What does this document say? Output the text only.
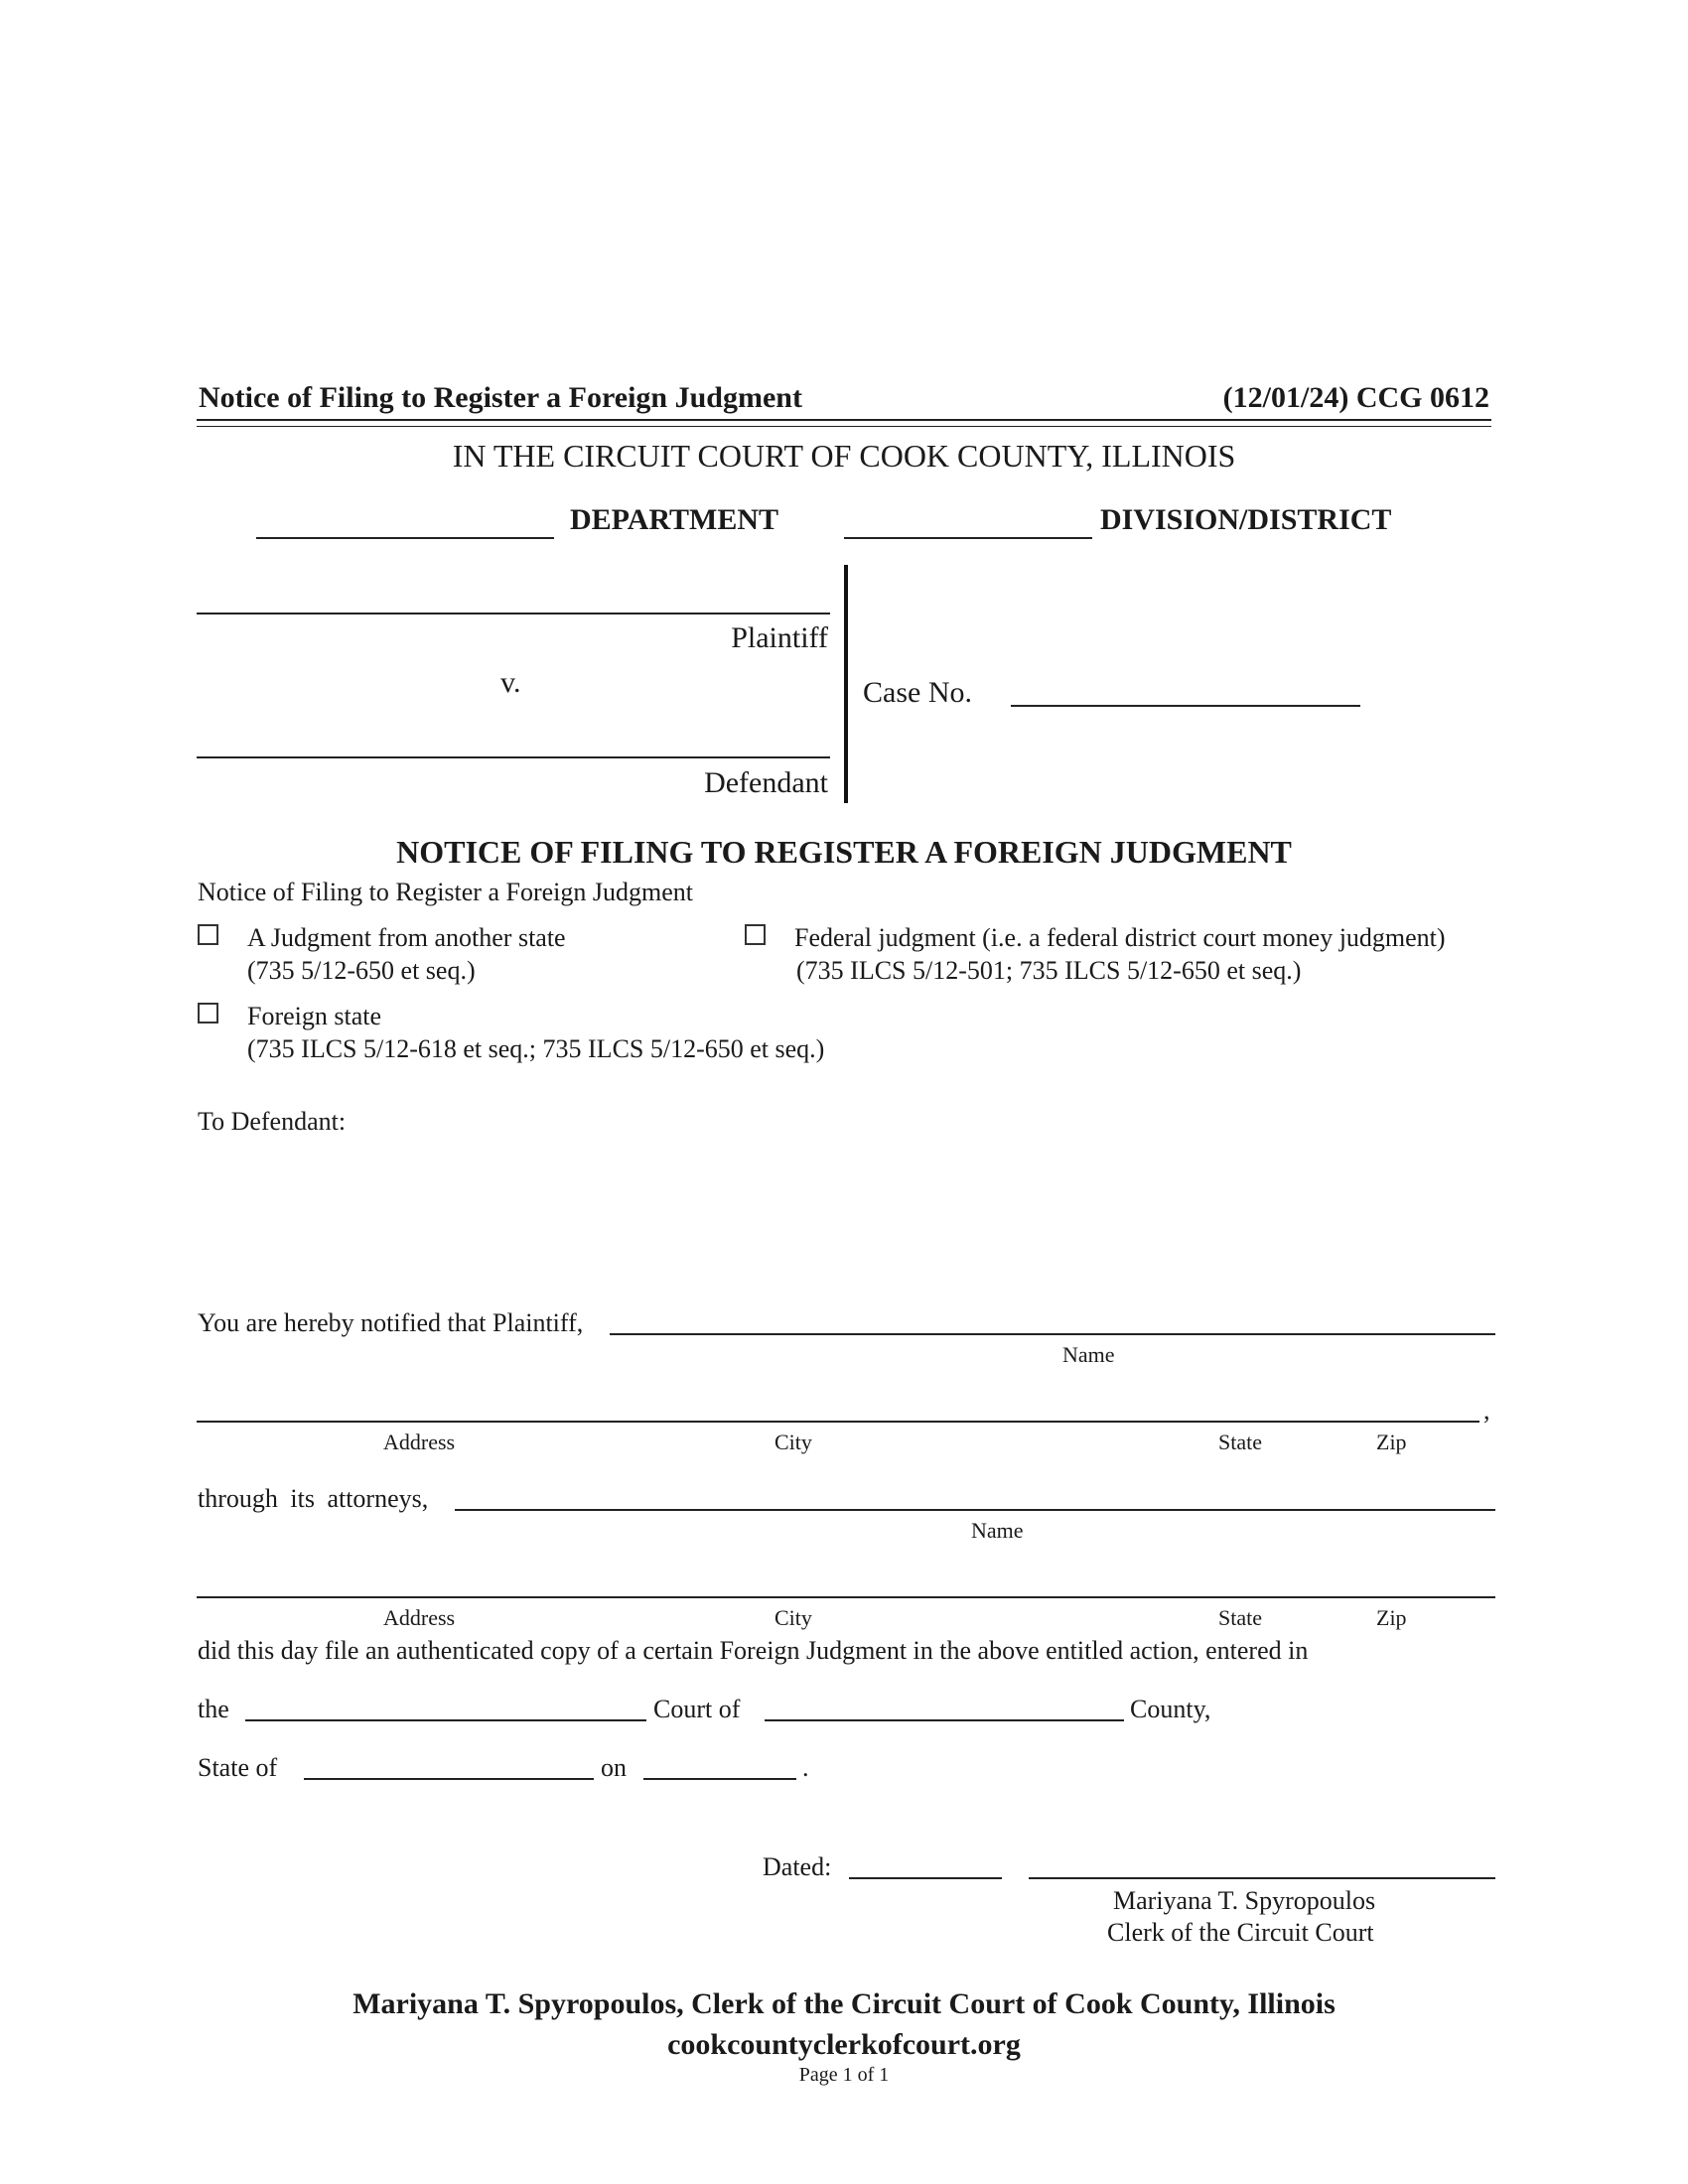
Notice of Filing to Register a Foreign Judgment	(12/01/24) CCG 0612
IN THE CIRCUIT COURT OF COOK COUNTY, ILLINOIS
DEPARTMENT	DIVISION/DISTRICT
Plaintiff
v.
Defendant
Case No.
NOTICE OF FILING TO REGISTER A FOREIGN JUDGMENT
Notice of Filing to Register a Foreign Judgment
A Judgment from another state
(735 5/12-650 et seq.)
Federal judgment (i.e. a federal district court money judgment)
(735 ILCS 5/12-501; 735 ILCS 5/12-650 et seq.)
Foreign state
(735 ILCS 5/12-618 et seq.; 735 ILCS 5/12-650 et seq.)
To Defendant:
You are hereby notified that Plaintiff,
Name
,
Address	City	State	Zip
through its attorneys,
Name
Address	City	State	Zip
did this day file an authenticated copy of a certain Foreign Judgment in the above entitled action, entered in
the	Court of	County,
State of	on	.
Dated:
Mariyana T. Spyropoulos
Clerk of the Circuit Court
Mariyana T. Spyropoulos, Clerk of the Circuit Court of Cook County, Illinois
cookcountyclerkofcourt.org
Page 1 of 1
